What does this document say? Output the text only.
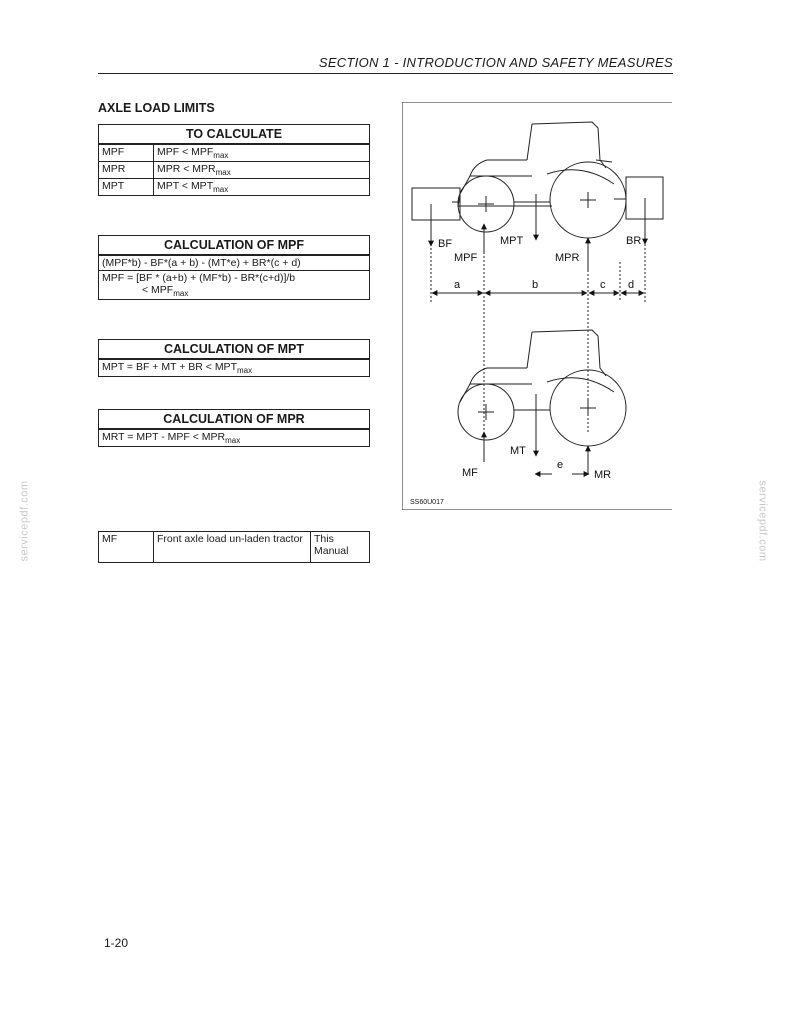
SECTION 1 - INTRODUCTION AND SAFETY MEASURES
AXLE LOAD LIMITS
TO CALCULATE	
MPF	MPF < $MPF_{max}$
MPR	MPR < $MPR_{max}$
MPT	MPT < $MPT_{max}$
CALCULATION OF MPF
(MPF*b) - BF*(a + b) - (MT*e) + BR*(c + d)
MPF = [BF * (a+b) + (MF*b) - BR*(c+d)]/b
< $MPF_{max}$
CALCULATION OF MPT
MPT = BF + MT + BR < $MPT_{max}$
CALCULATION OF MPR
MRT = MPT - MPF < $MPR_{max}$
MF	Front axle load un-laden tractor	This Manual
BF	MPT	BR
MPF	MPR
a	b	c d
MT
MF
e
MR
SS60U017
servicepdf.com	servicepdf.com
1-20
